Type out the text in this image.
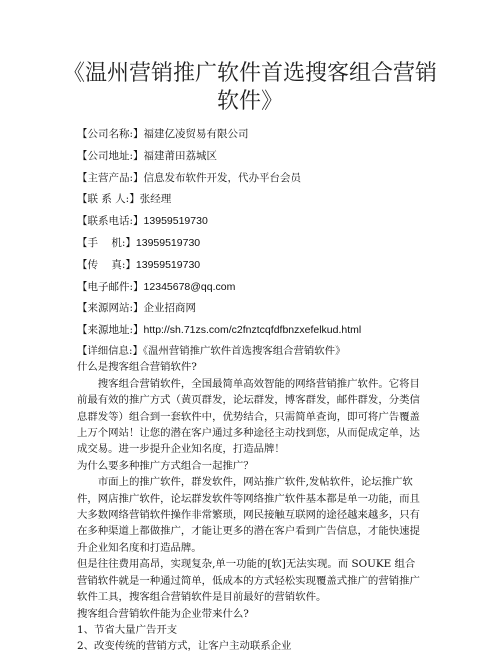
《温州营销推广软件首选搜客组合营销软件》
【公司名称:】福建亿凌贸易有限公司
【公司地址:】福建莆田荔城区
【主营产品:】信息发布软件开发，代办平台会员
【联 系 人:】张经理
【联系电话:】13959519730
【手    机:】13959519730
【传    真:】13959519730
【电子邮件:】12345678@qq.com
【来源网站:】企业招商网
【来源地址:】http://sh.71zs.com/c2fnztcqfdfbnzxefelkud.html

【详细信息:】《温州营销推广软件首选搜客组合营销软件》

什么是搜客组合营销软件?

搜客组合营销软件，全国最简单高效智能的网络营销推广软件。它将目前最有效的推广方式（黄页群发，论坛群发，博客群发，邮件群发，分类信息群发等）组合到一套软件中，优势结合，只需简单查询，即可将广告覆盖上万个网站！让您的潜在客户通过多种途径主动找到您，从而促成定单，达成交易。进一步提升企业知名度，打造品牌！

为什么要多种推广方式组合一起推广？

市面上的推广软件，群发软件，网站推广软件,发帖软件，论坛推广软件，网店推广软件，论坛群发软件等网络推广软件基本都是单一功能，而且大多数网络营销软件操作非常繁琐，网民接触互联网的途径越来越多，只有在多种渠道上都做推广，才能让更多的潜在客户看到广告信息，才能快速提升企业知名度和打造品牌。

但是往往费用高昂，实现复杂,单一功能的[软]无法实现。而 SOUKE 组合营销软件就是一种通过简单，低成本的方式轻松实现覆盖式推广的营销推广软件工具，搜客组合营销软件是目前最好的营销软件。

搜客组合营销软件能为企业带来什么?

1、节省大量广告开支

2、改变传统的营销方式，让客户主动联系企业
